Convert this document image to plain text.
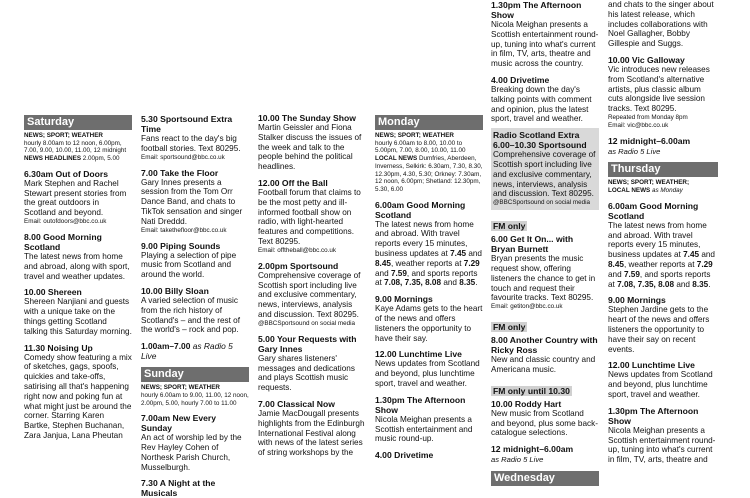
Saturday
NEWS; SPORT; WEATHER
hourly 8.00am to 12 noon, 6.00pm, 7.00, 9.00, 10.00, 11.00, 12 midnight
NEWS HEADLINES 2.00pm, 5.00
6.30am Out of Doors
Mark Stephen and Rachel Stewart present stories from the great outdoors in Scotland and beyond.
Email: outofdoors@bbc.co.uk
8.00 Good Morning Scotland
The latest news from home and abroad, along with sport, travel and weather updates.
10.00 Shereen
Shereen Nanjiani and guests with a unique take on the things getting Scotland talking this Saturday morning.
11.30 Noising Up
Comedy show featuring a mix of sketches, gags, spoofs, quickies and take-offs, satirising all that's happening right now and poking fun at what might just be around the corner. Starring Karen Bartke, Stephen Buchanan, Zara Janjua, Lana Pheutan
5.30 Sportsound Extra Time
Fans react to the day's big football stories. Text 80295.
Email: sportsound@bbc.co.uk
7.00 Take the Floor
Gary Innes presents a session from the Tom Orr Dance Band, and chats to TikTok sensation and singer Nati Dreddd.
Email: takethefloor@bbc.co.uk
9.00 Piping Sounds
Playing a selection of pipe music from Scotland and around the world.
10.00 Billy Sloan
A varied selection of music from the rich history of Scotland's – and the rest of the world's – rock and pop.
1.00am–7.00 as Radio 5 Live
Sunday
NEWS; SPORT; WEATHER
hourly 6.00am to 9.00, 11.00, 12 noon, 2.00pm, 5.00, hourly 7.00 to 11.00
7.00am New Every Sunday
An act of worship led by the Rev Hayley Cohen of Northesk Parish Church, Musselburgh.
7.30 A Night at the Musicals
10.00 The Sunday Show
Martin Geissler and Fiona Stalker discuss the issues of the week and talk to the people behind the political headlines.
12.00 Off the Ball
Football forum that claims to be the most petty and ill-informed football show on radio, with light-hearted features and competitions. Text 80295.
Email: offtheball@bbc.co.uk
2.00pm Sportsound
Comprehensive coverage of Scottish sport including live and exclusive commentary, news, interviews, analysis and discussion. Text 80295.
@BBCSportsound on social media
5.00 Your Requests with Gary Innes
Gary shares listeners' messages and dedications and plays Scottish music requests.
7.00 Classical Now
Jamie MacDougall presents highlights from the Edinburgh International Festival along with news of the latest series of string workshops by the
Monday
NEWS; SPORT; WEATHER
hourly 6.00am to 8.00, 10.00 to 5.00pm, 7.00, 8.00, 10.00, 11.00
LOCAL NEWS Dumfries, Aberdeen, Inverness, Selkirk: 6.30am, 7.30, 8.30, 12.30pm, 4.30, 5.30; Orkney: 7.30am, 12 noon, 6.00pm; Shetland: 12.30pm, 5.30, 6.00
6.00am Good Morning Scotland
The latest news from home and abroad. With travel reports every 15 minutes, business updates at 7.45 and 8.45, weather reports at 7.29 and 7.59, and sports reports at 7.08, 7.35, 8.08 and 8.35.
9.00 Mornings
Kaye Adams gets to the heart of the news and offers listeners the opportunity to have their say.
12.00 Lunchtime Live
News updates from Scotland and beyond, plus lunchtime sport, travel and weather.
1.30pm The Afternoon Show
Nicola Meighan presents a Scottish entertainment and music round-up.
4.00 Drivetime
1.30pm The Afternoon Show
Nicola Meighan presents a Scottish entertainment round-up, tuning into what's current in film, TV, arts, theatre and music across the country.
4.00 Drivetime
Breaking down the day's talking points with comment and opinion, plus the latest sport, travel and weather.
Radio Scotland Extra
6.00–10.30 Sportsound
Comprehensive coverage of Scottish sport including live and exclusive commentary, news, interviews, analysis and discussion. Text 80295.
@BBCSportsound on social media
FM only
6.00 Get It On... with Bryan Burnett
Bryan presents the music request show, offering listeners the chance to get in touch and request their favourite tracks. Text 80295.
Email: getiton@bbc.co.uk
FM only
8.00 Another Country with Ricky Ross
New and classic country and Americana music.
FM only until 10.30
10.00 Roddy Hart
New music from Scotland and beyond, plus some back-catalogue selections.
12 midnight–6.00am
as Radio 5 Live
Wednesday
and chats to the singer about his latest release, which includes collaborations with Noel Gallagher, Bobby Gillespie and Suggs.
10.00 Vic Galloway
Vic introduces new releases from Scotland's alternative artists, plus classic album cuts alongside live session tracks. Text 80295.
Repeated from Monday 8pm
Email: vic@bbc.co.uk
12 midnight–6.00am
as Radio 5 Live
Thursday
NEWS; SPORT; WEATHER;
LOCAL NEWS as Monday
6.00am Good Morning Scotland
The latest news from home and abroad. With travel reports every 15 minutes, business updates at 7.45 and 8.45, weather reports at 7.29 and 7.59, and sports reports at 7.08, 7.35, 8.08 and 8.35.
9.00 Mornings
Stephen Jardine gets to the heart of the news and offers listeners the opportunity to have their say on recent events.
12.00 Lunchtime Live
News updates from Scotland and beyond, plus lunchtime sport, travel and weather.
1.30pm The Afternoon Show
Nicola Meighan presents a Scottish entertainment round-up, tuning into what's current in film, TV, arts, theatre and
